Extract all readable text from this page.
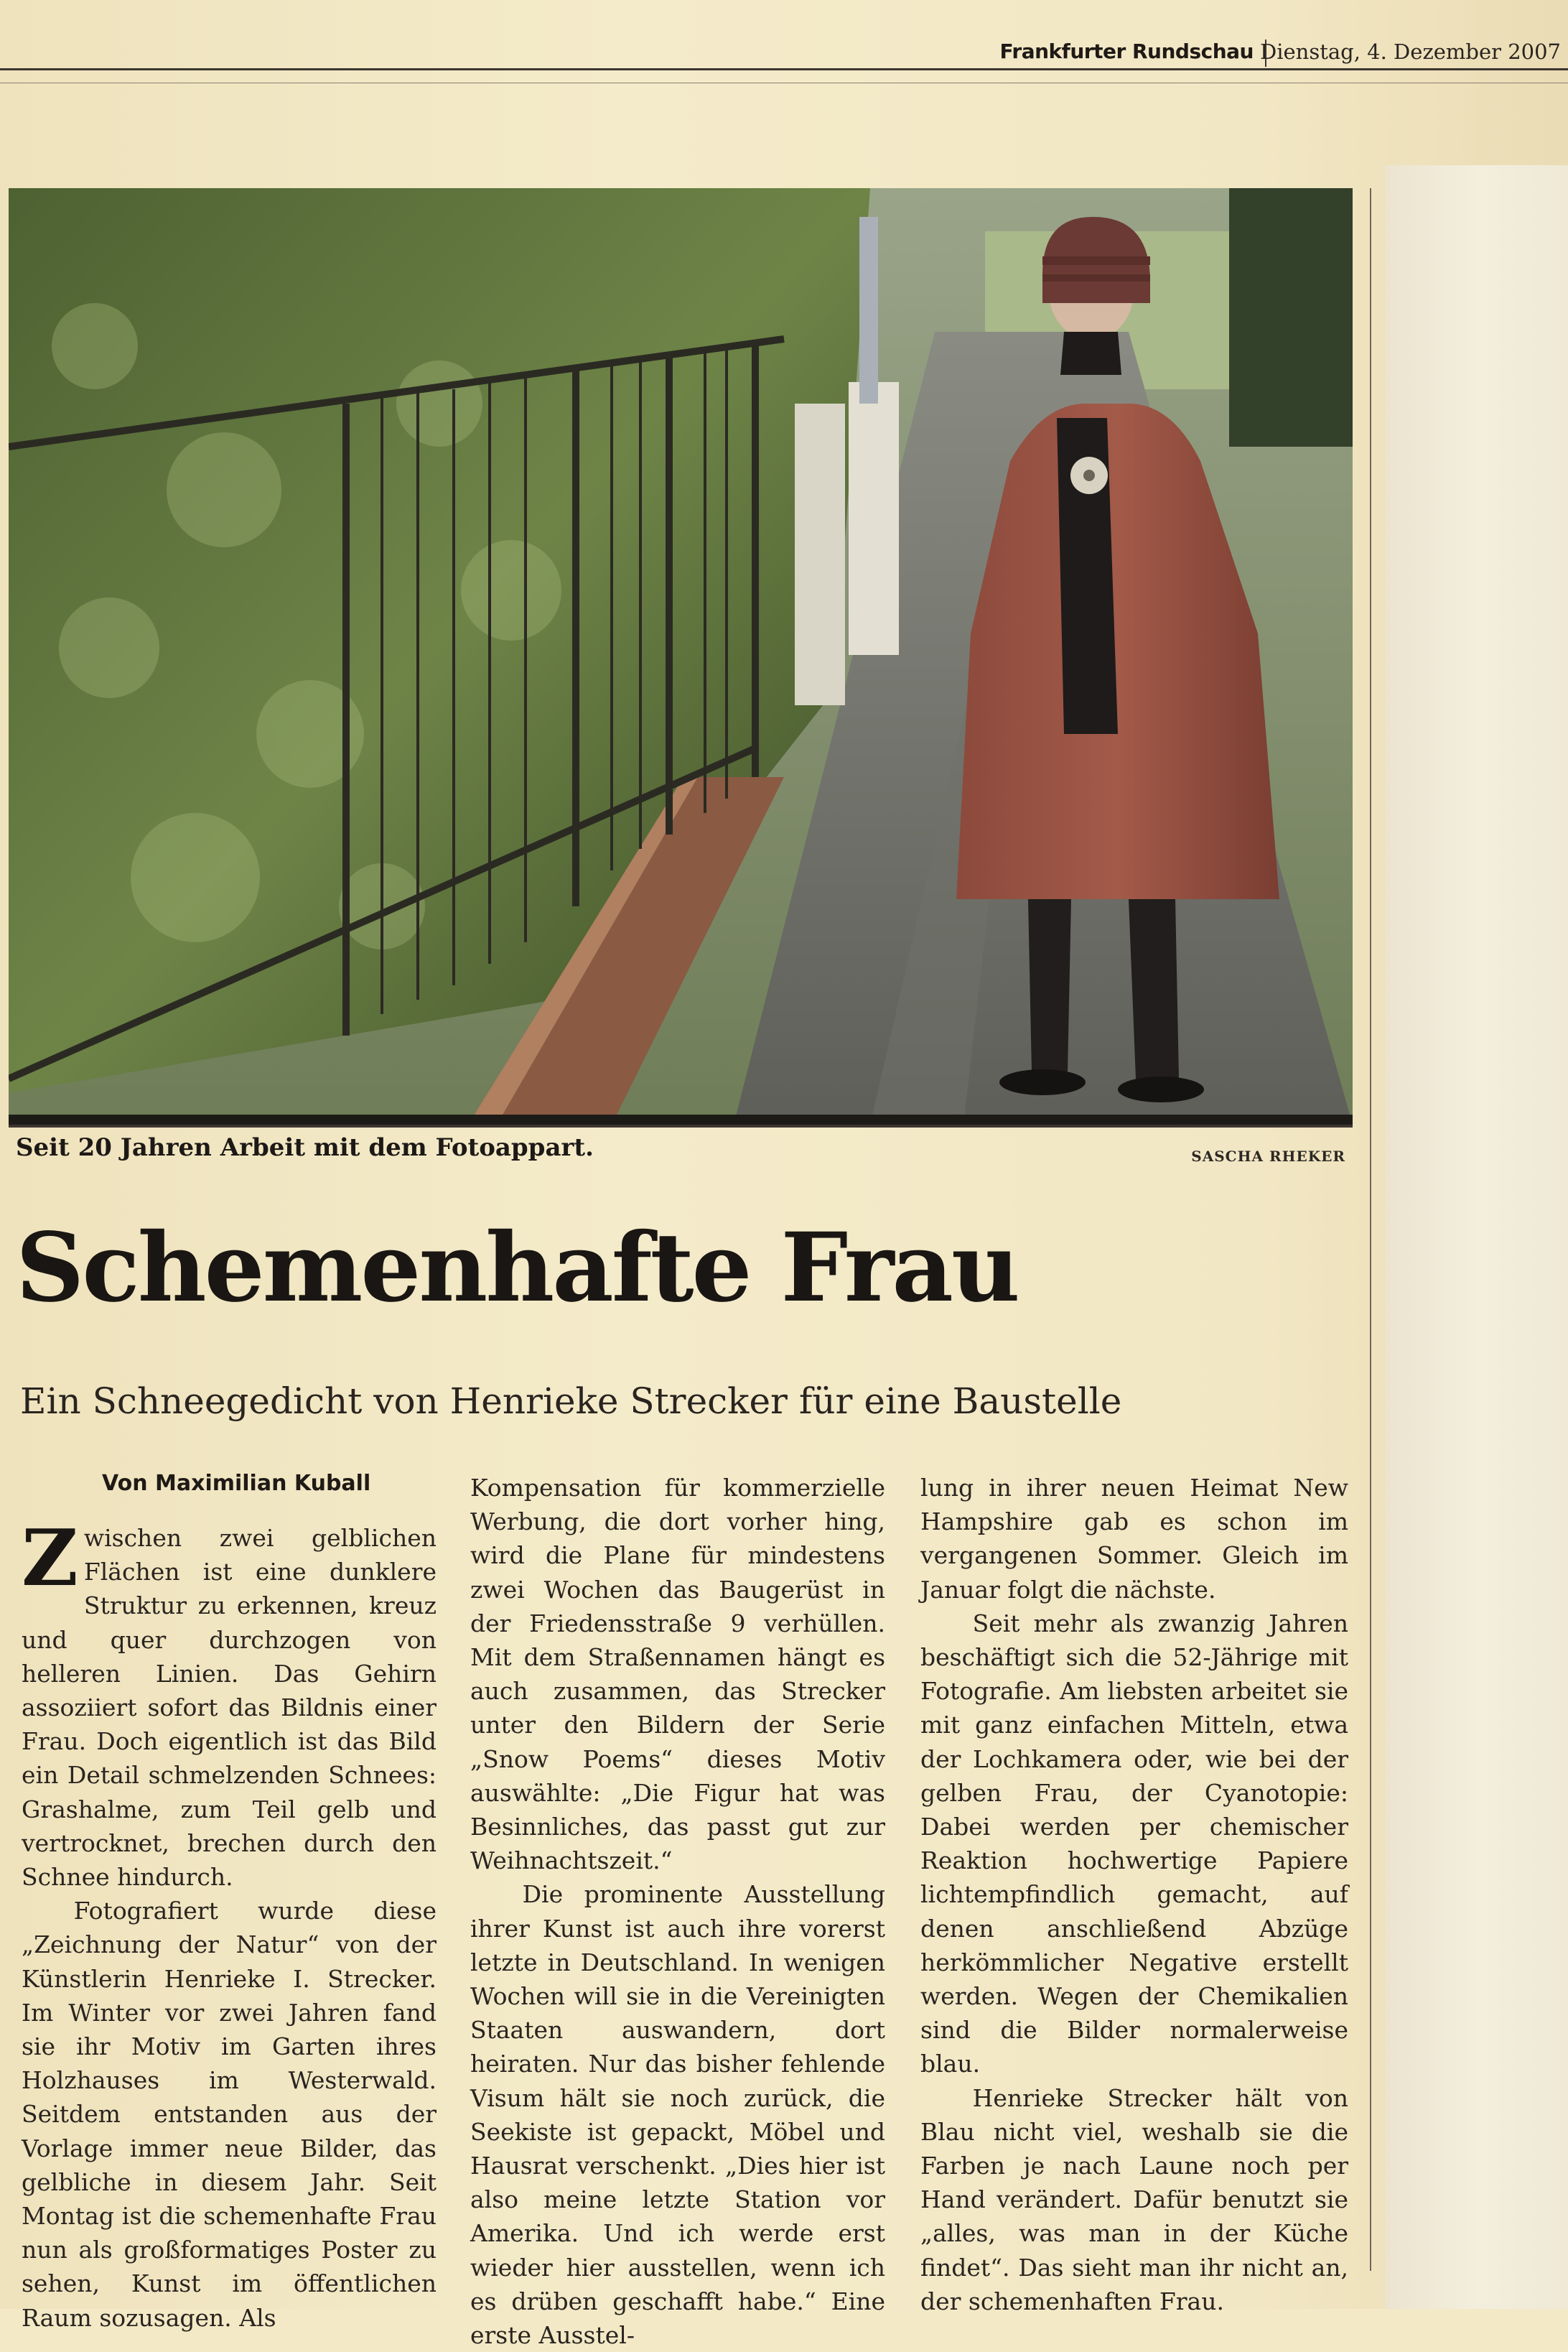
Frankfurter Rundschau Dienstag, 4. Dezember 2007
Seit 20 Jahren Arbeit mit dem Fotoappart.	SASCHA RHEKER
Schemenhafte Frau
Ein Schneegedicht von Henrieke Strecker für eine Baustelle
Von Maximilian Kuball

Zwischen zwei gelblichen Flächen ist eine dunklere Struktur zu erkennen, kreuz und quer durchzogen von helleren Linien. Das Gehirn assoziiert sofort das Bildnis einer Frau. Doch eigentlich ist das Bild ein Detail schmelzenden Schnees: Grashalme, zum Teil gelb und vertrocknet, brechen durch den Schnee hindurch.

Fotografiert wurde diese „Zeichnung der Natur“ von der Künstlerin Henrieke I. Strecker. Im Winter vor zwei Jahren fand sie ihr Motiv im Garten ihres Holzhauses im Westerwald. Seitdem entstanden aus der Vorlage immer neue Bilder, das gelbliche in diesem Jahr. Seit Montag ist die schemenhafte Frau nun als großformatiges Poster zu sehen, Kunst im öffentlichen Raum sozusagen. Als

Kompensation für kommerzielle Werbung, die dort vorher hing, wird die Plane für mindestens zwei Wochen das Baugerüst in der Friedensstraße 9 verhüllen. Mit dem Straßennamen hängt es auch zusammen, das Strecker unter den Bildern der Serie „Snow Poems“ dieses Motiv auswählte: „Die Figur hat was Besinnliches, das passt gut zur Weihnachtszeit.“

Die prominente Ausstellung ihrer Kunst ist auch ihre vorerst letzte in Deutschland. In wenigen Wochen will sie in die Vereinigten Staaten auswandern, dort heiraten. Nur das bisher fehlende Visum hält sie noch zurück, die Seekiste ist gepackt, Möbel und Hausrat verschenkt. „Dies hier ist also meine letzte Station vor Amerika. Und ich werde erst wieder hier ausstellen, wenn ich es drüben geschafft habe.“ Eine erste Ausstel-

lung in ihrer neuen Heimat New Hampshire gab es schon im vergangenen Sommer. Gleich im Januar folgt die nächste.

Seit mehr als zwanzig Jahren beschäftigt sich die 52-Jährige mit Fotografie. Am liebsten arbeitet sie mit ganz einfachen Mitteln, etwa der Lochkamera oder, wie bei der gelben Frau, der Cyanotopie: Dabei werden per chemischer Reaktion hochwertige Papiere lichtempfindlich gemacht, auf denen anschließend Abzüge herkömmlicher Negative erstellt werden. Wegen der Chemikalien sind die Bilder normalerweise blau.

Henrieke Strecker hält von Blau nicht viel, weshalb sie die Farben je nach Laune noch per Hand verändert. Dafür benutzt sie „alles, was man in der Küche findet“. Das sieht man ihr nicht an, der schemenhaften Frau.
